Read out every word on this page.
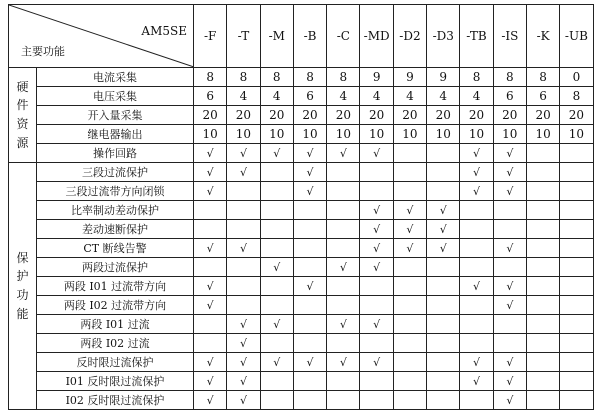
AM5SE
主要功能		-F	-T	-M	-B	-C	-MD	-D2	-D3	-TB	-IS	-K	-UB

硬
件
资
源	电流采集	8	8	8	8	8	9	9	9	8	8	8	0
	电压采集	6	4	4	6	4	4	4	4	4	6	6	8
	开入量采集	20	20	20	20	20	20	20	20	20	20	20	20
	继电器输出	10	10	10	10	10	10	10	10	10	10	10	10
	操作回路	√	√	√	√	√	√			√	√		

保
护
功
能	三段过流保护	√	√		√					√	√		
	三段过流带方向闭锁	√			√					√	√		
	比率制动差动保护						√	√	√				
	差动速断保护						√	√	√				
	CT 断线告警	√	√				√	√	√		√		
	两段过流保护			√		√	√						
	两段 I01 过流带方向	√			√					√	√		
	两段 I02 过流带方向	√									√		
	两段 I01 过流		√	√		√	√						
	两段 I02 过流		√										
	反时限过流保护	√	√	√	√	√	√			√	√		
	I01 反时限过流保护	√	√							√	√		
	I02 反时限过流保护	√	√								√		
